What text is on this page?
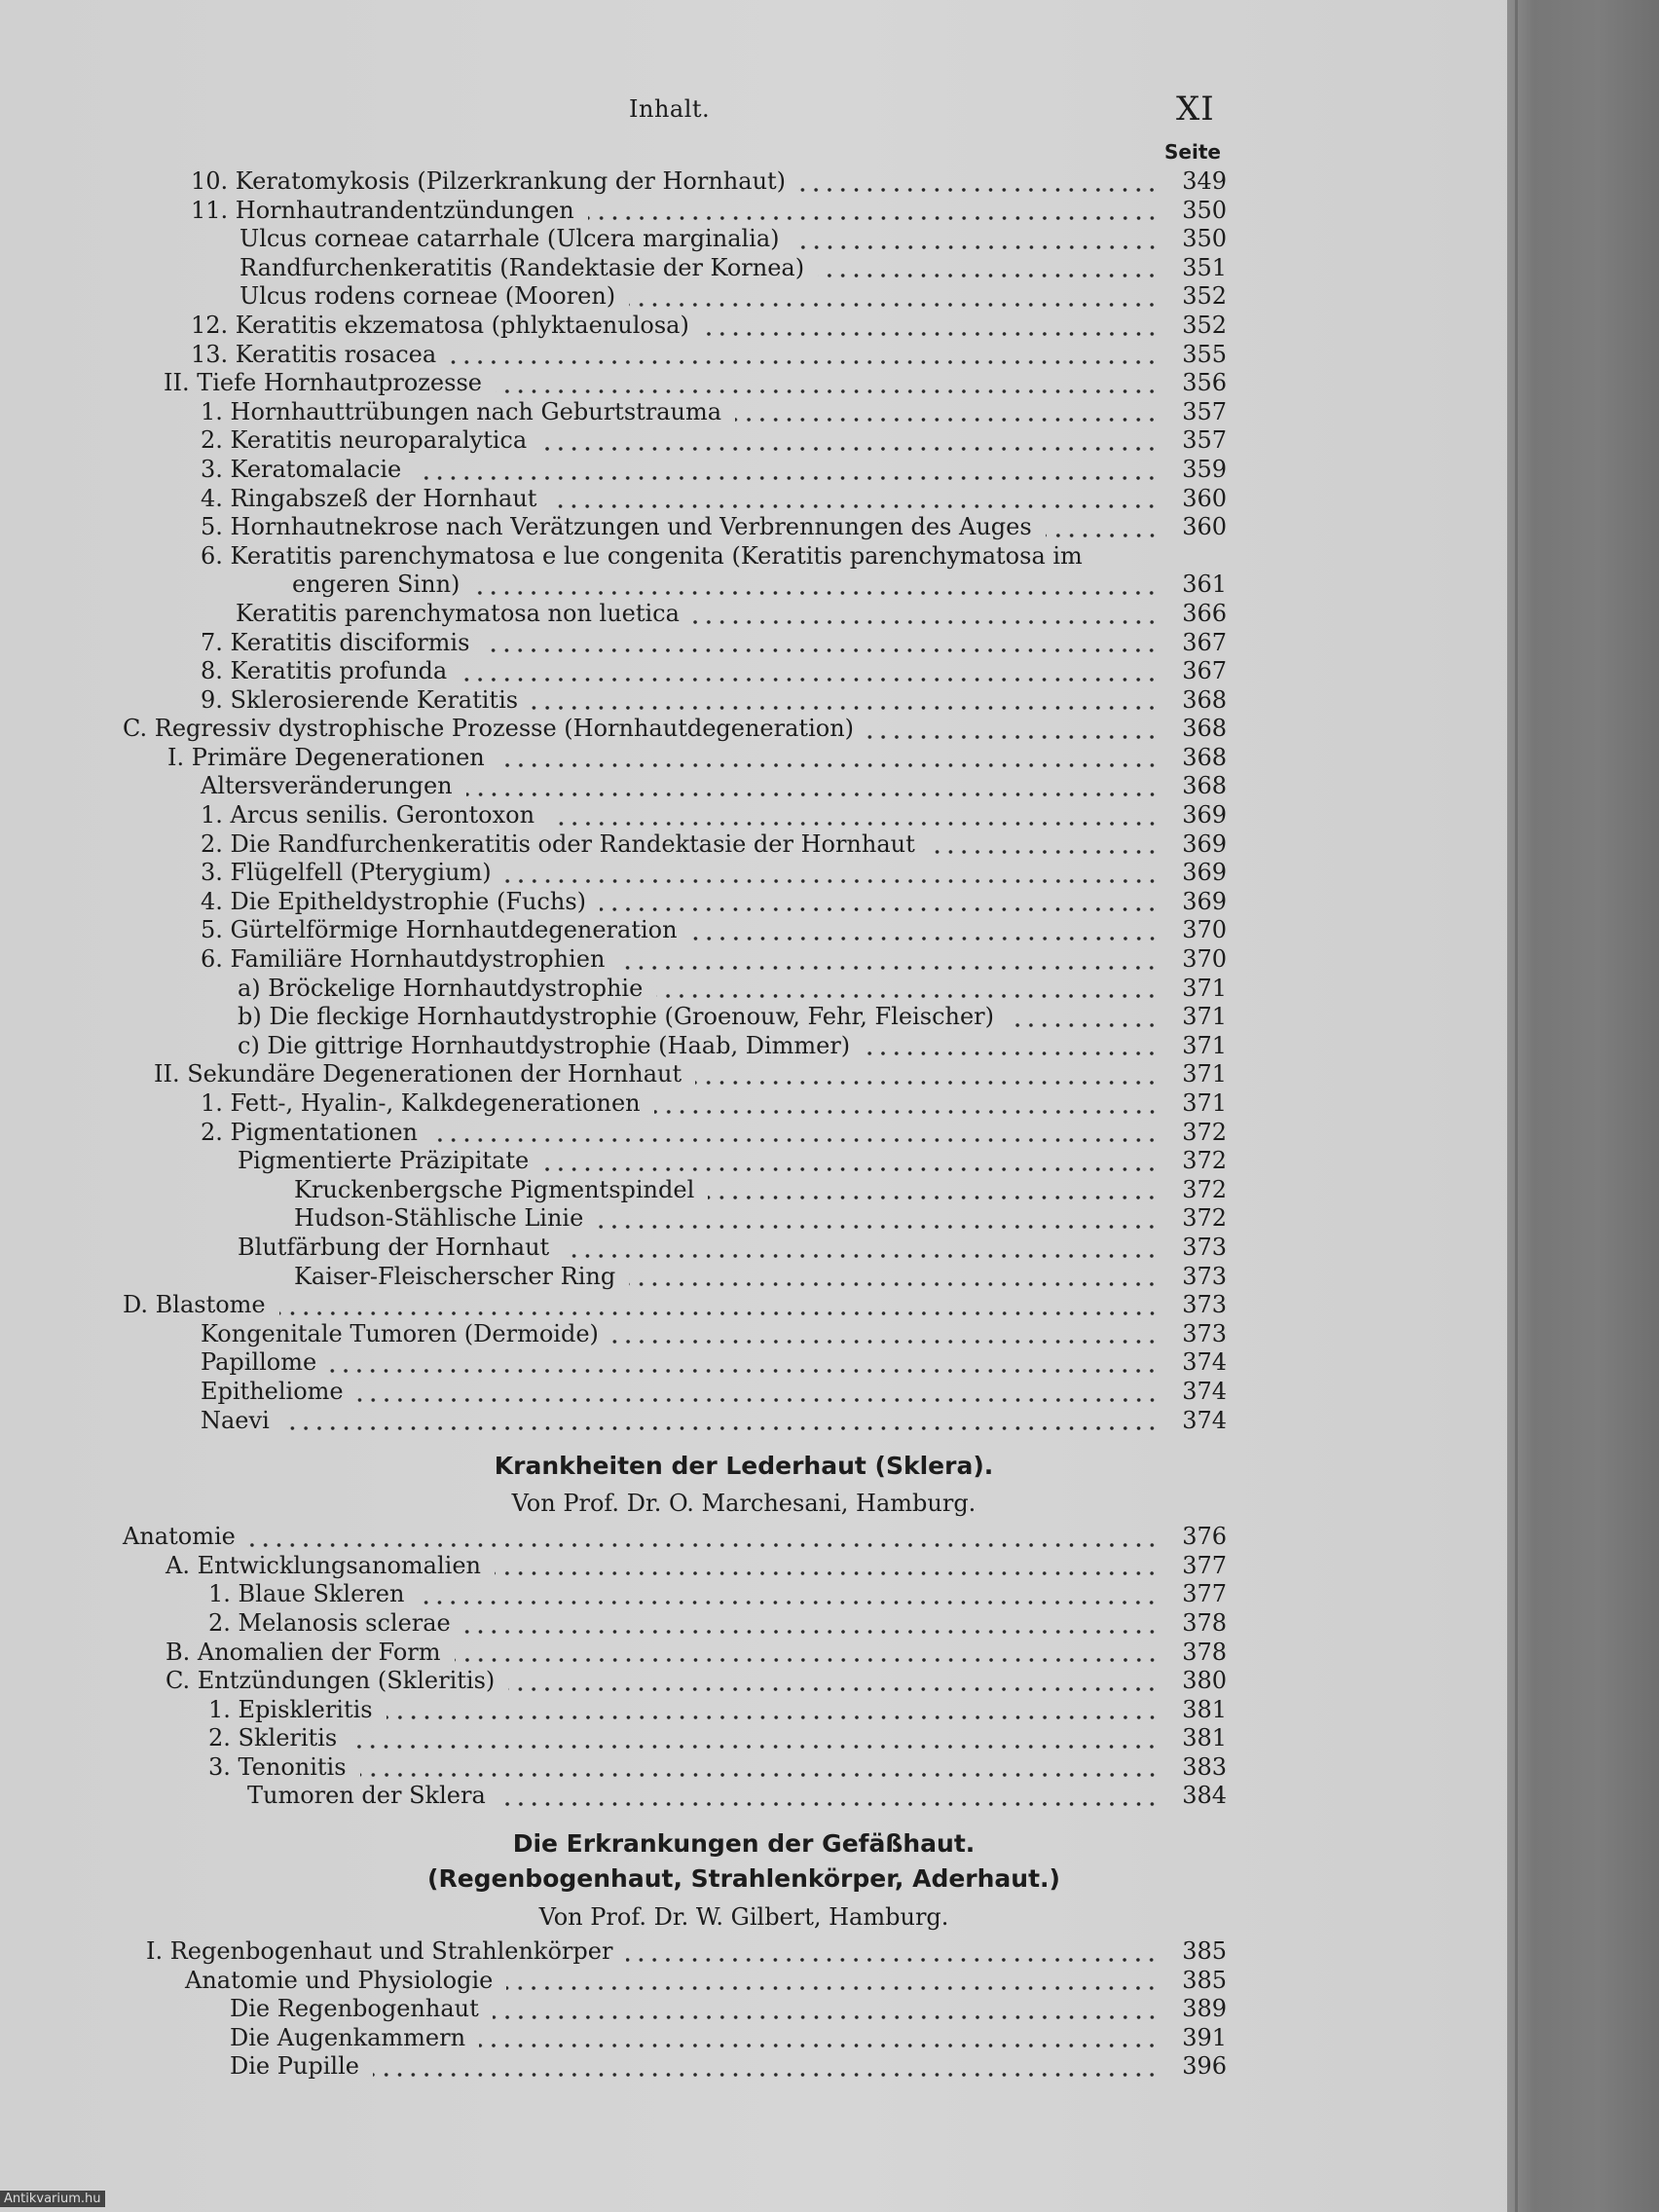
Inhalt.	XI
Seite
10. Keratomykosis (Pilzerkrankung der Hornhaut)	349
11. Hornhautrandentzündungen	350
Ulcus corneae catarrhale (Ulcera marginalia)	350
Randfurchenkeratitis (Randektasie der Kornea)	351
Ulcus rodens corneae (Mooren)	352
12. Keratitis ekzematosa (phlyktaenulosa)	352
13. Keratitis rosacea	355
II. Tiefe Hornhautprozesse	356
1. Hornhauttrübungen nach Geburtstrauma	357
2. Keratitis neuroparalytica	357
3. Keratomalacie	359
4. Ringabszeß der Hornhaut	360
5. Hornhautnekrose nach Verätzungen und Verbrennungen des Auges	360
6. Keratitis parenchymatosa e lue congenita (Keratitis parenchymatosa im
engeren Sinn)	361
Keratitis parenchymatosa non luetica	366
7. Keratitis disciformis	367
8. Keratitis profunda	367
9. Sklerosierende Keratitis	368
C. Regressiv dystrophische Prozesse (Hornhautdegeneration)	368
I. Primäre Degenerationen	368
Altersveränderungen	368
1. Arcus senilis. Gerontoxon	369
2. Die Randfurchenkeratitis oder Randektasie der Hornhaut	369
3. Flügelfell (Pterygium)	369
4. Die Epitheldystrophie (Fuchs)	369
5. Gürtelförmige Hornhautdegeneration	370
6. Familiäre Hornhautdystrophien	370
a) Bröckelige Hornhautdystrophie	371
b) Die fleckige Hornhautdystrophie (Groenouw, Fehr, Fleischer)	371
c) Die gittrige Hornhautdystrophie (Haab, Dimmer)	371
II. Sekundäre Degenerationen der Hornhaut	371
1. Fett-, Hyalin-, Kalkdegenerationen	371
2. Pigmentationen	372
Pigmentierte Präzipitate	372
Kruckenbergsche Pigmentspindel	372
Hudson-Stählische Linie	372
Blutfärbung der Hornhaut	373
Kaiser-Fleischerscher Ring	373
D. Blastome	373
Kongenitale Tumoren (Dermoide)	373
Papillome	374
Epitheliome	374
Naevi	374
Krankheiten der Lederhaut (Sklera).
Von Prof. Dr. O. Marchesani, Hamburg.
Anatomie	376
A. Entwicklungsanomalien	377
1. Blaue Skleren	377
2. Melanosis sclerae	378
B. Anomalien der Form	378
C. Entzündungen (Skleritis)	380
1. Episkleritis	381
2. Skleritis	381
3. Tenonitis	383
Tumoren der Sklera	384
Die Erkrankungen der Gefäßhaut.
(Regenbogenhaut, Strahlenkörper, Aderhaut.)
Von Prof. Dr. W. Gilbert, Hamburg.
I. Regenbogenhaut und Strahlenkörper	385
Anatomie und Physiologie	385
Die Regenbogenhaut	389
Die Augenkammern	391
Die Pupille	396
Antikvarium.hu
